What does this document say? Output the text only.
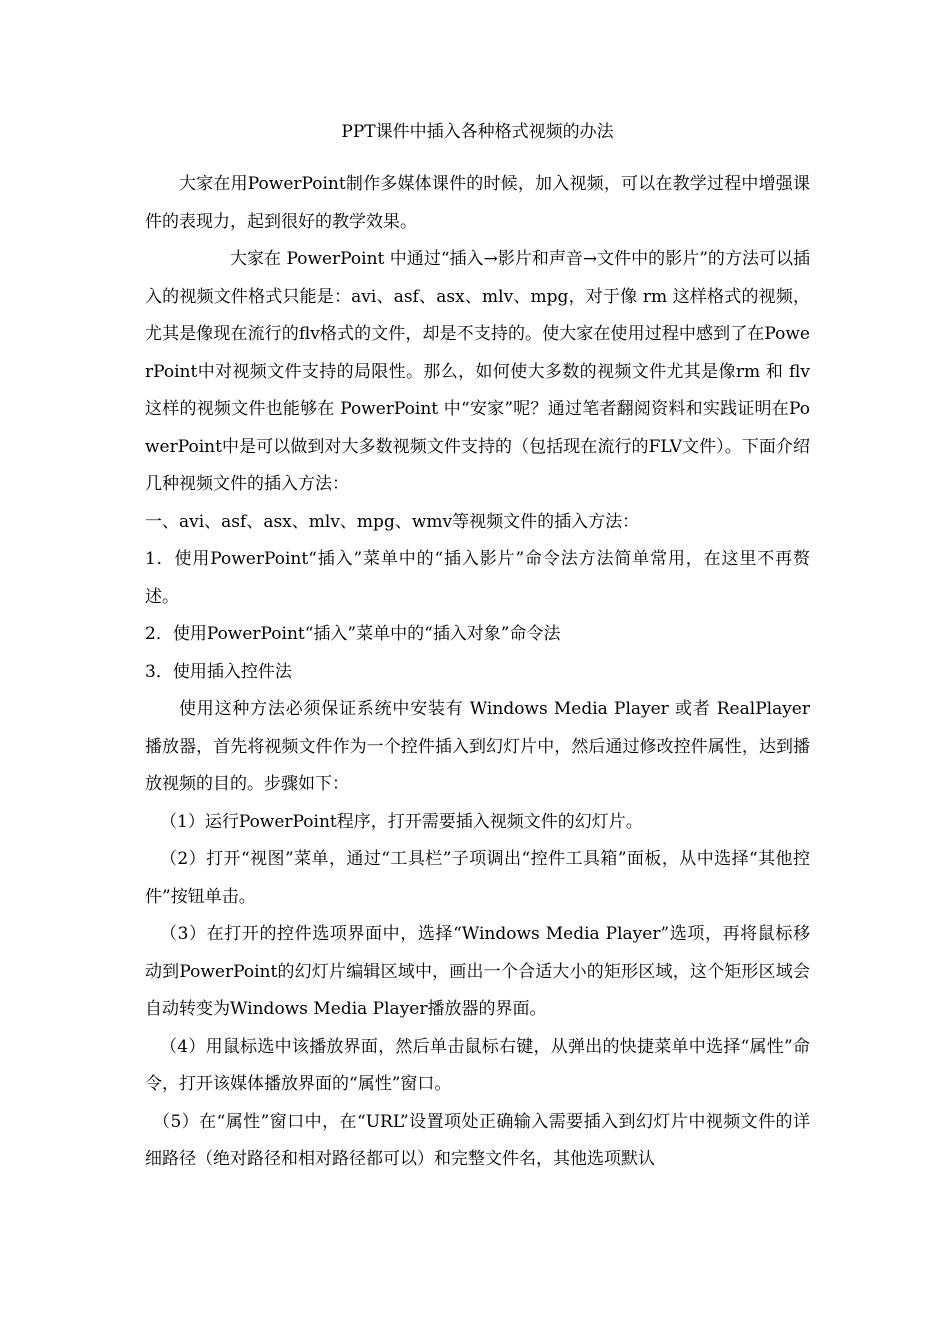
PPT课件中插入各种格式视频的办法

大家在用PowerPoint制作多媒体课件的时候，加入视频，可以在教学过程中增强课件的表现力，起到很好的教学效果。

大家在 PowerPoint 中通过“插入→影片和声音→文件中的影片”的方法可以插入的视频文件格式只能是：avi、asf、asx、mlv、mpg，对于像 rm 这样格式的视频，尤其是像现在流行的flv格式的文件，却是不支持的。使大家在使用过程中感到了在PowerPoint中对视频文件支持的局限性。那么，如何使大多数的视频文件尤其是像rm 和 flv 这样的视频文件也能够在 PowerPoint 中“安家”呢？通过笔者翻阅资料和实践证明在PowerPoint中是可以做到对大多数视频文件支持的（包括现在流行的FLV文件）。下面介绍几种视频文件的插入方法：

一、avi、asf、asx、mlv、mpg、wmv等视频文件的插入方法：

1．使用PowerPoint“插入”菜单中的“插入影片”命令法方法简单常用，在这里不再赘述。

2．使用PowerPoint“插入”菜单中的“插入对象”命令法

3．使用插入控件法

使用这种方法必须保证系统中安装有 Windows Media Player 或者 RealPlayer 播放器，首先将视频文件作为一个控件插入到幻灯片中，然后通过修改控件属性，达到播放视频的目的。步骤如下：

（1）运行PowerPoint程序，打开需要插入视频文件的幻灯片。

（2）打开“视图”菜单，通过“工具栏”子项调出“控件工具箱”面板，从中选择“其他控件”按钮单击。

（3）在打开的控件选项界面中，选择“Windows Media Player”选项，再将鼠标移动到PowerPoint的幻灯片编辑区域中，画出一个合适大小的矩形区域，这个矩形区域会自动转变为Windows Media Player播放器的界面。

（4）用鼠标选中该播放界面，然后单击鼠标右键，从弹出的快捷菜单中选择“属性”命令，打开该媒体播放界面的“属性”窗口。

（5）在“属性”窗口中，在“URL”设置项处正确输入需要插入到幻灯片中视频文件的详细路径（绝对路径和相对路径都可以）和完整文件名，其他选项默认
